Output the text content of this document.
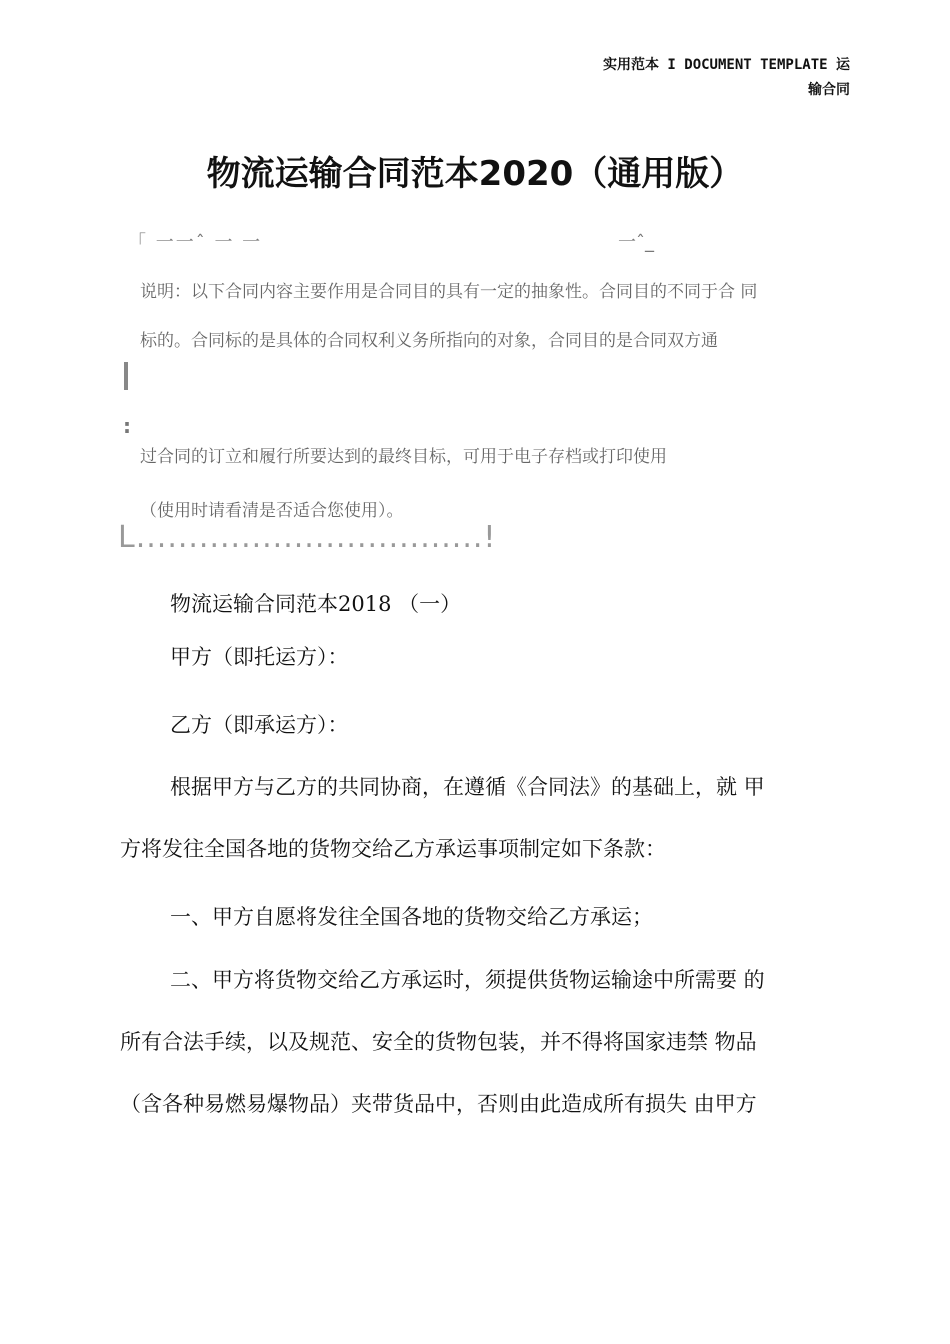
实用范本 I DOCUMENT TEMPLATE 运
输合同
物流运输合同范本2020（通用版）
「 一一ˆ 一 一	一ˆ_
说明：以下合同内容主要作用是合同目的具有一定的抽象性。合同目的不同于合 同
标的。合同标的是具体的合同权利义务所指向的对象，合同目的是合同双方通
:
过合同的订立和履行所要达到的最终目标，可用于电子存档或打印使用
（使用时请看清是否适合您使用）。
L.................................!
物流运输合同范本2018 （一）
甲方（即托运方）：
乙方（即承运方）：
根据甲方与乙方的共同协商，在遵循《合同法》的基础上，就 甲
方将发往全国各地的货物交给乙方承运事项制定如下条款：
一、甲方自愿将发往全国各地的货物交给乙方承运；
二、甲方将货物交给乙方承运时，须提供货物运输途中所需要 的
所有合法手续，以及规范、安全的货物包装，并不得将国家违禁 物品
（含各种易燃易爆物品）夹带货品中，否则由此造成所有损失 由甲方
